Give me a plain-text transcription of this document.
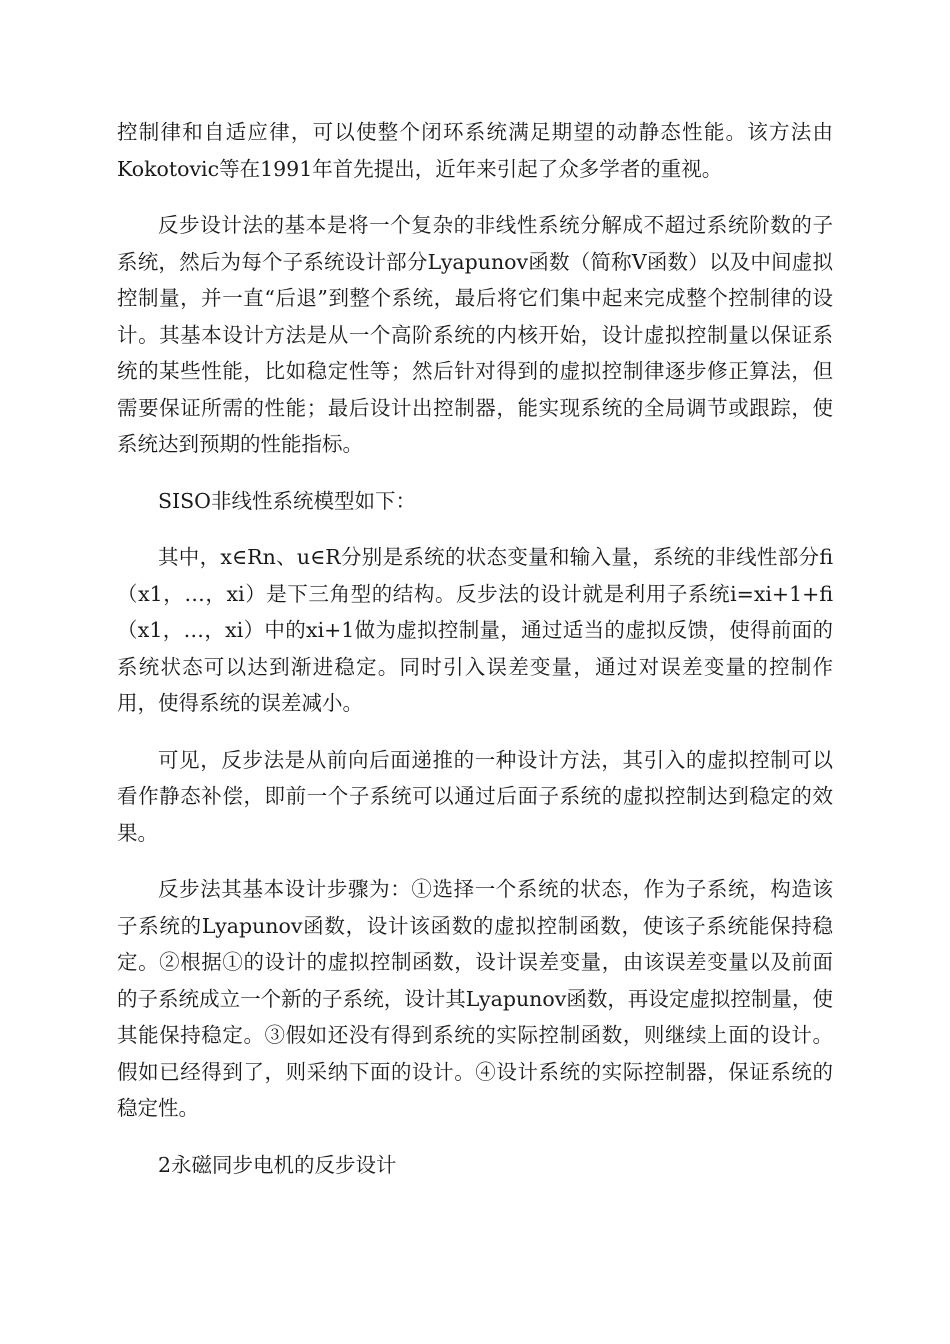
控制律和自适应律，可以使整个闭环系统满足期望的动静态性能。该方法由Kokotovic等在1991年首先提出，近年来引起了众多学者的重视。

反步设计法的基本是将一个复杂的非线性系统分解成不超过系统阶数的子系统，然后为每个子系统设计部分Lyapunov函数（简称V函数）以及中间虚拟控制量，并一直“后退”到整个系统，最后将它们集中起来完成整个控制律的设计。其基本设计方法是从一个高阶系统的内核开始，设计虚拟控制量以保证系统的某些性能，比如稳定性等；然后针对得到的虚拟控制律逐步修正算法，但需要保证所需的性能；最后设计出控制器，能实现系统的全局调节或跟踪，使系统达到预期的性能指标。

SISO非线性系统模型如下：

其中，x∈Rn、u∈R分别是系统的状态变量和输入量，系统的非线性部分fi（x1，…，xi）是下三角型的结构。反步法的设计就是利用子系统i=xi+1+fi（x1，…，xi）中的xi+1做为虚拟控制量，通过适当的虚拟反馈，使得前面的系统状态可以达到渐进稳定。同时引入误差变量，通过对误差变量的控制作用，使得系统的误差减小。

可见，反步法是从前向后面递推的一种设计方法，其引入的虚拟控制可以看作静态补偿，即前一个子系统可以通过后面子系统的虚拟控制达到稳定的效果。

反步法其基本设计步骤为：①选择一个系统的状态，作为子系统，构造该子系统的Lyapunov函数，设计该函数的虚拟控制函数，使该子系统能保持稳定。②根据①的设计的虚拟控制函数，设计误差变量，由该误差变量以及前面的子系统成立一个新的子系统，设计其Lyapunov函数，再设定虚拟控制量，使其能保持稳定。③假如还没有得到系统的实际控制函数，则继续上面的设计。假如已经得到了，则采纳下面的设计。④设计系统的实际控制器，保证系统的稳定性。

2永磁同步电机的反步设计
